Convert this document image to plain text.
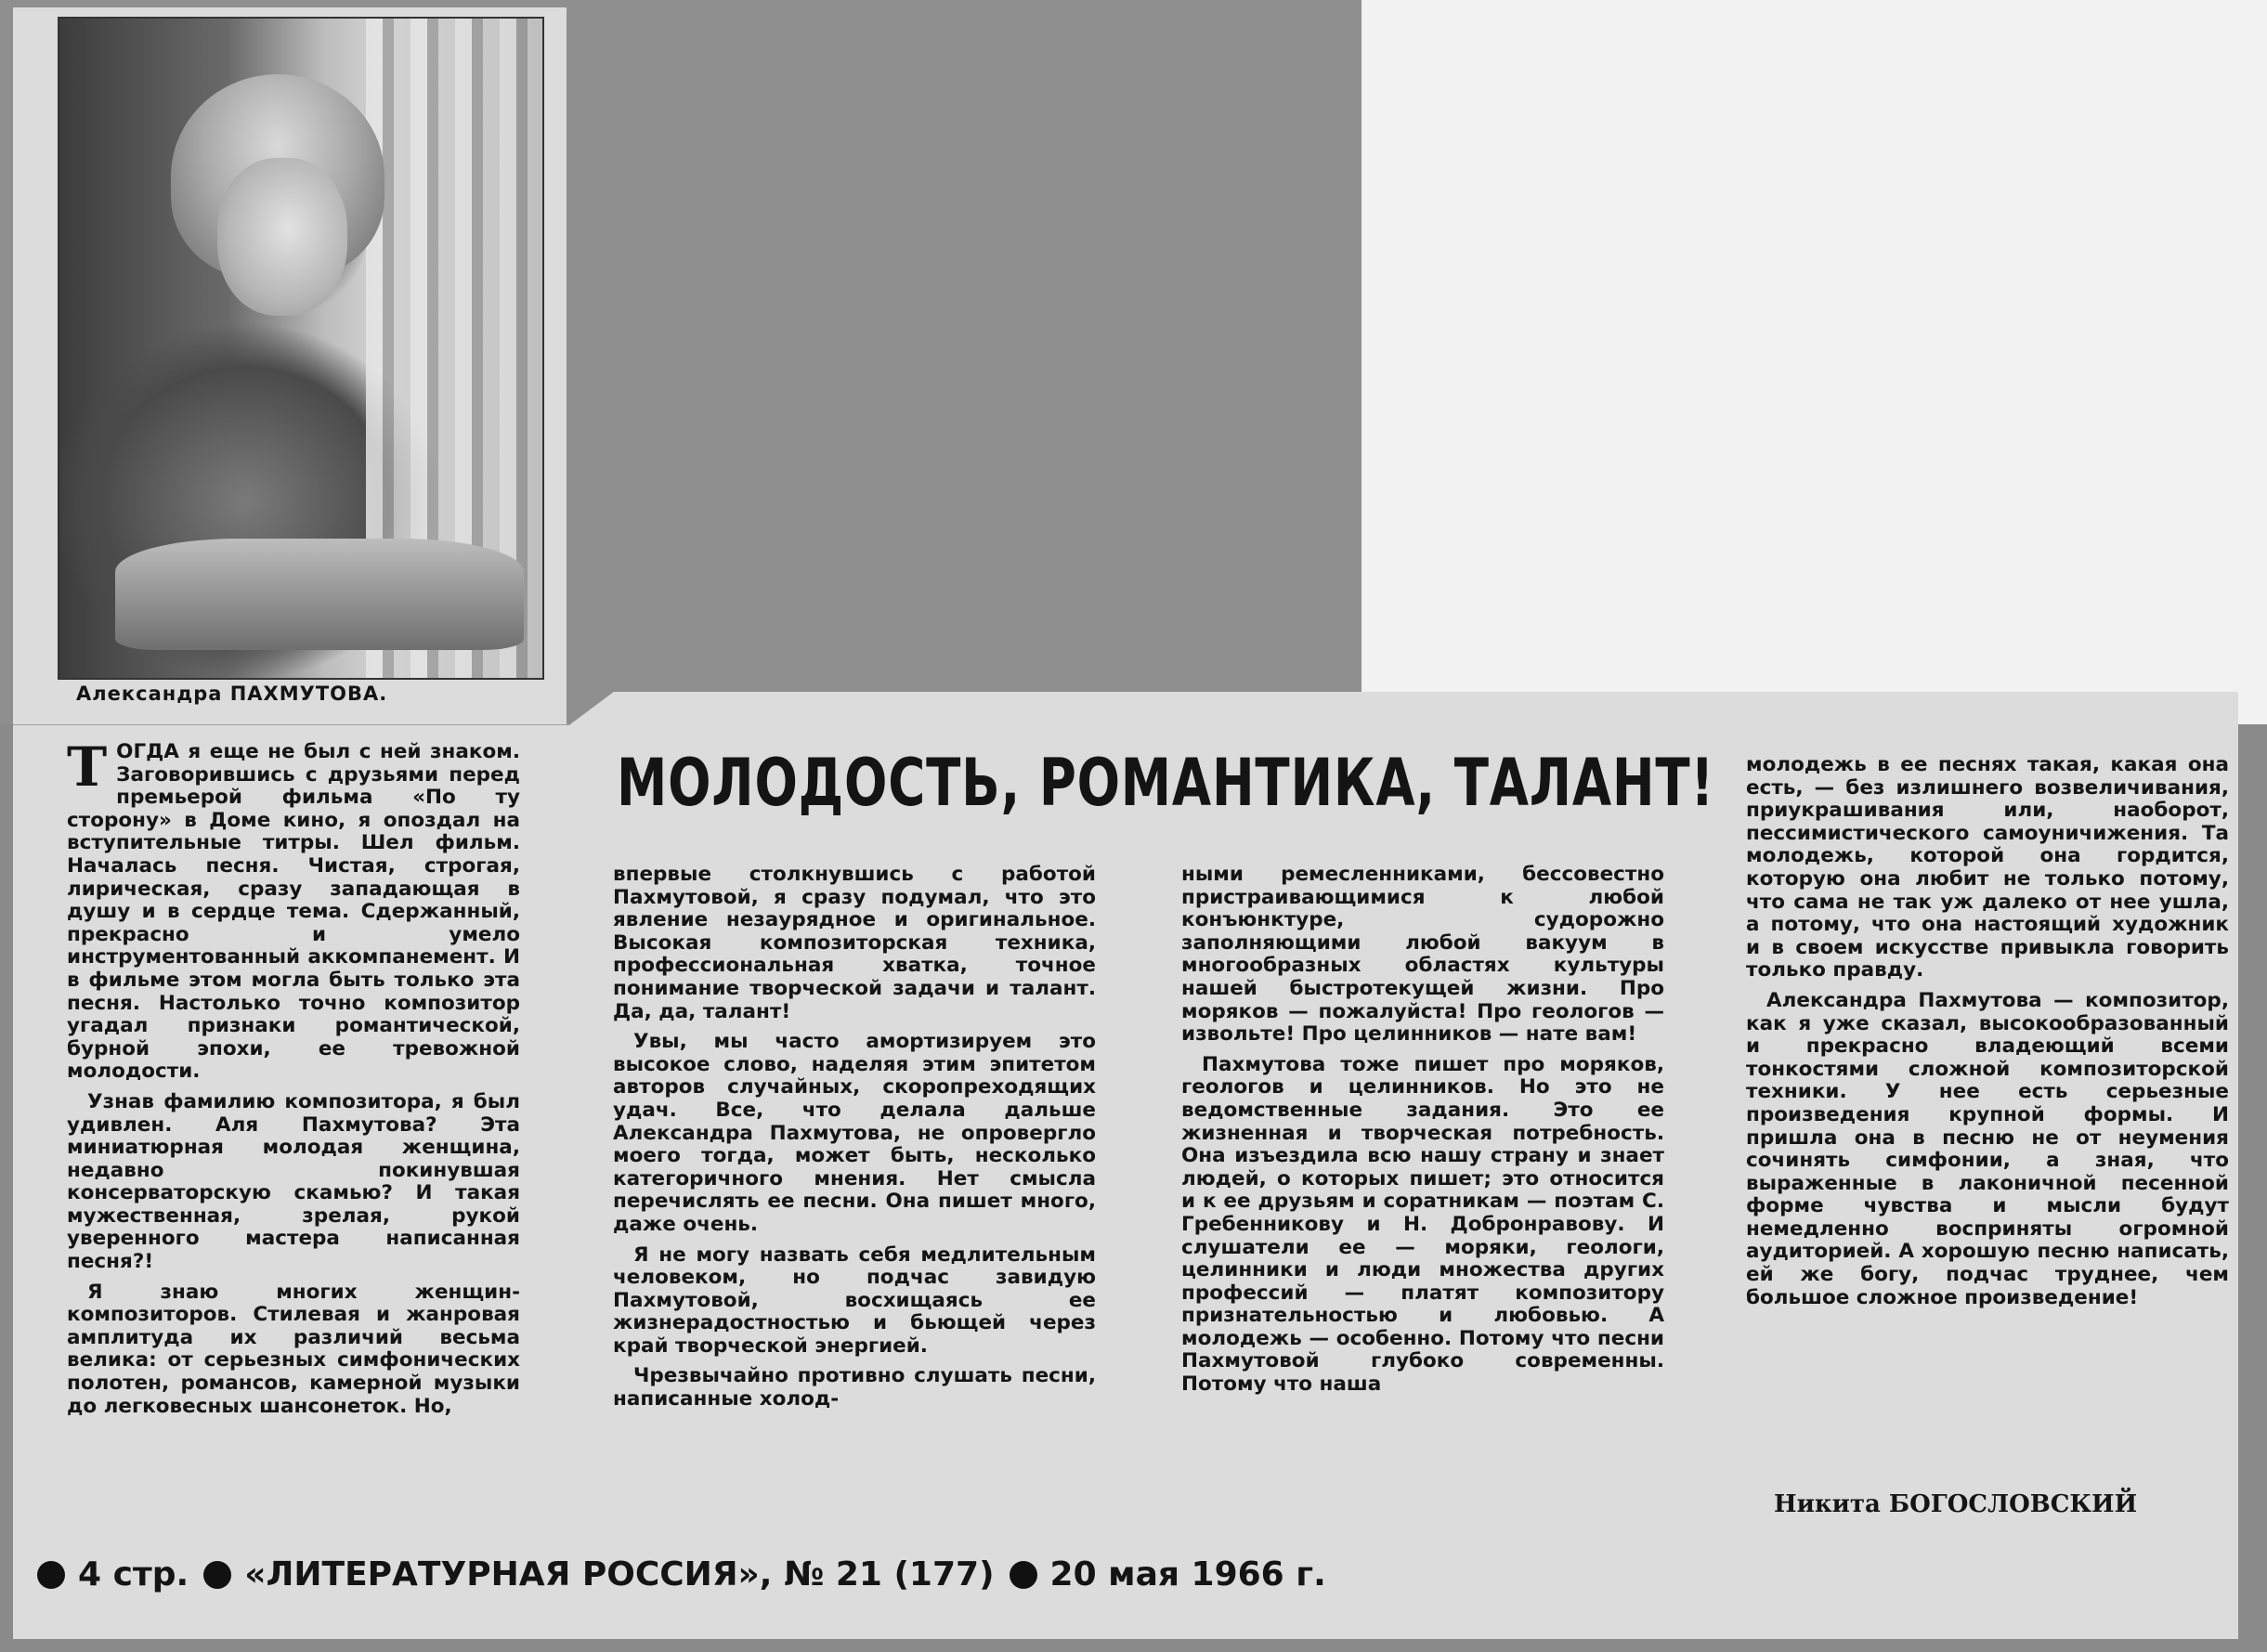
Александра ПАХМУТОВА.
МОЛОДОСТЬ, РОМАНТИКА, ТАЛАНТ!

ТОГДА я еще не был с ней знаком. Заговорившись с друзьями перед премьерой фильма «По ту сторону» в Доме кино, я опоздал на вступительные титры. Шел фильм. Началась песня. Чистая, строгая, лирическая, сразу западающая в душу и в сердце тема. Сдержанный, прекрасно и умело инструментованный аккомпанемент. И в фильме этом могла быть только эта песня. Настолько точно композитор угадал признаки романтической, бурной эпохи, ее тревожной молодости.

Узнав фамилию композитора, я был удивлен. Аля Пахмутова? Эта миниатюрная молодая женщина, недавно покинувшая консерваторскую скамью? И такая мужественная, зрелая, рукой уверенного мастера написанная песня?!

Я знаю многих женщин-композиторов. Стилевая и жанровая амплитуда их различий весьма велика: от серьезных симфонических полотен, романсов, камерной музыки до легковесных шансонеток. Но,

впервые столкнувшись с работой Пахмутовой, я сразу подумал, что это явление незаурядное и оригинальное. Высокая композиторская техника, профессиональная хватка, точное понимание творческой задачи и талант. Да, да, талант!

Увы, мы часто амортизируем это высокое слово, наделяя этим эпитетом авторов случайных, скоропреходящих удач. Все, что делала дальше Александра Пахмутова, не опровергло моего тогда, может быть, несколько категоричного мнения. Нет смысла перечислять ее песни. Она пишет много, даже очень.

Я не могу назвать себя медлительным человеком, но подчас завидую Пахмутовой, восхищаясь ее жизнерадостностью и бьющей через край творческой энергией.

Чрезвычайно противно слушать песни, написанные холод-

ными ремесленниками, бессовестно пристраивающимися к любой конъюнктуре, судорожно заполняющими любой вакуум в многообразных областях культуры нашей быстротекущей жизни. Про моряков — пожалуйста! Про геологов — извольте! Про целинников — нате вам!

Пахмутова тоже пишет про моряков, геологов и целинников. Но это не ведомственные задания. Это ее жизненная и творческая потребность. Она изъездила всю нашу страну и знает людей, о которых пишет; это относится и к ее друзьям и соратникам — поэтам С. Гребенникову и Н. Добронравову. И слушатели ее — моряки, геологи, целинники и люди множества других профессий — платят композитору признательностью и любовью. А молодежь — особенно. Потому что песни Пахмутовой глубоко современны. Потому что наша

молодежь в ее песнях такая, какая она есть, — без излишнего возвеличивания, приукрашивания или, наоборот, пессимистического самоуничижения. Та молодежь, которой она гордится, которую она любит не только потому, что сама не так уж далеко от нее ушла, а потому, что она настоящий художник и в своем искусстве привыкла говорить только правду.

Александра Пахмутова — композитор, как я уже сказал, высокообразованный и прекрасно владеющий всеми тонкостями сложной композиторской техники. У нее есть серьезные произведения крупной формы. И пришла она в песню не от неумения сочинять симфонии, а зная, что выраженные в лаконичной песенной форме чувства и мысли будут немедленно восприняты огромной аудиторией. А хорошую песню написать, ей же богу, подчас труднее, чем большое сложное произведение!

Никита БОГОСЛОВСКИЙ
4 стр. «ЛИТЕРАТУРНАЯ РОССИЯ», № 21 (177) 20 мая 1966 г.
